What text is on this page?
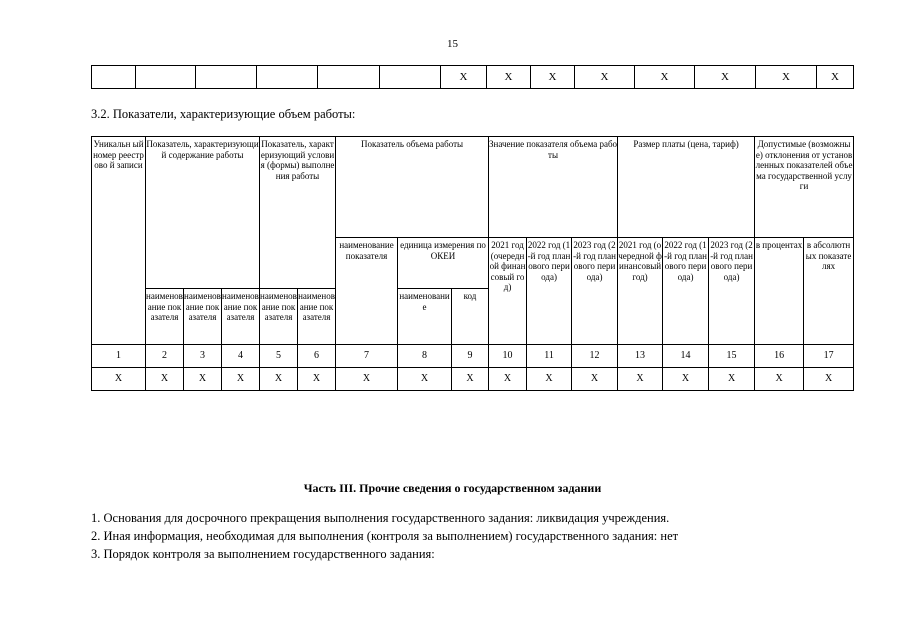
15
						X	X	X	X	X	X	X	X
3.2. Показатели, характеризующие объем работы:
Уникальн ый номер реестрово й записи	Показатель, характеризующий содержание работы			Показатель, характеризующий условия (формы) выполнения работы		Показатель объема работы			Значение показателя объема работы			Размер платы (цена, тариф)			Допустимые (возможные) отклонения от установленных показателей объема государственной услуги	
						наименование показателя	единица измерения по ОКЕИ		2021 год (очередной финансовый год)	2022 год (1-й год планового периода)	2023 год (2-й год планового периода)	2021 год (очередной финансовый год)	2022 год (1-й год планового периода)	2023 год (2-й год планового периода)	в процентах	в абсолютных показателях
							наименование	код								
	наименование показателя	наименование показателя	наименование показателя	наименование показателя	наименование показателя											
1	2	3	4	5	6	7	8	9	10	11	12	13	14	15	16	17
X	X	X	X	X	X	X	X	X	X	X	X	X	X	X	X	X
Часть III. Прочие сведения о государственном задании
1. Основания для досрочного прекращения выполнения государственного задания: ликвидация учреждения.
2. Иная информация, необходимая для выполнения (контроля за выполнением) государственного задания: нет
3. Порядок контроля за выполнением государственного задания:
